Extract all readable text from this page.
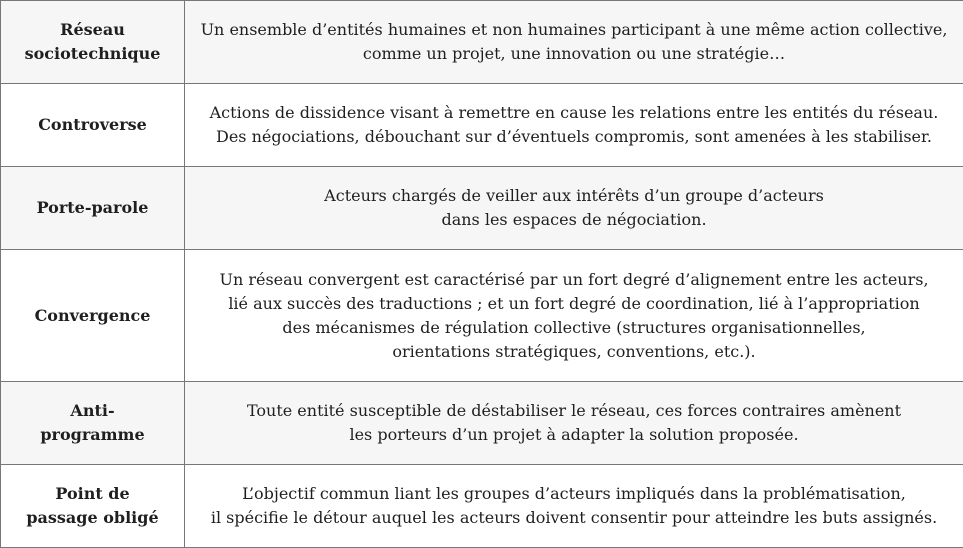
Réseau
sociotechnique	Un ensemble d’entités humaines et non humaines participant à une même action collective,
comme un projet, une innovation ou une stratégie…

Controverse	Actions de dissidence visant à remettre en cause les relations entre les entités du réseau.
Des négociations, débouchant sur d’éventuels compromis, sont amenées à les stabiliser.

Porte-parole	Acteurs chargés de veiller aux intérêts d’un groupe d’acteurs
dans les espaces de négociation.

Convergence	Un réseau convergent est caractérisé par un fort degré d’alignement entre les acteurs,
lié aux succès des traductions ; et un fort degré de coordination, lié à l’appropriation
des mécanismes de régulation collective (structures organisationnelles,
orientations stratégiques, conventions, etc.).

Anti-
programme	Toute entité susceptible de déstabiliser le réseau, ces forces contraires amènent
les porteurs d’un projet à adapter la solution proposée.

Point de
passage obligé	L’objectif commun liant les groupes d’acteurs impliqués dans la problématisation,
il spécifie le détour auquel les acteurs doivent consentir pour atteindre les buts assignés.
